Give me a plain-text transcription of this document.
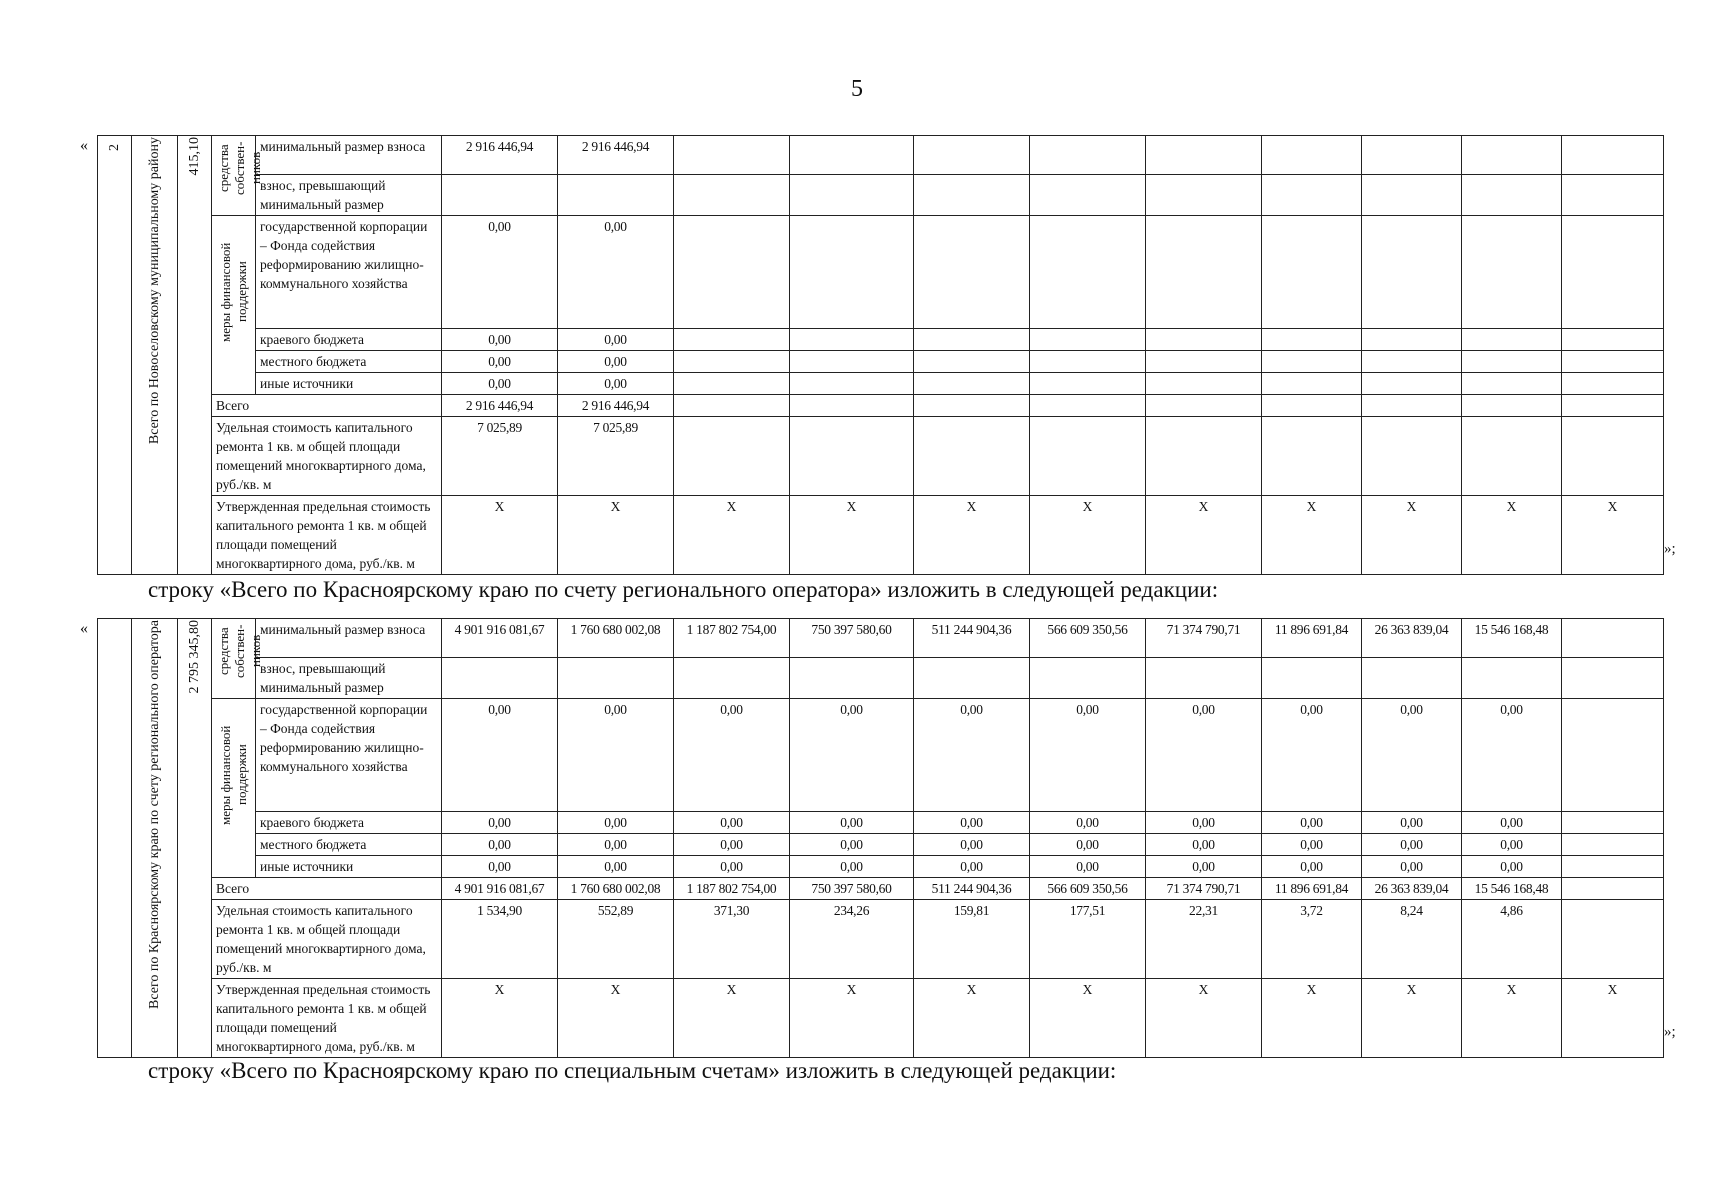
5
« 2	Всего по Новоселовскому муниципальному району	415,10	средства собствен-ников	минимальный размер взноса	2 916 446,94	2 916 446,94									
				взнос, превышающий минимальный размер											
			меры финансовой поддержки	государственной корпорации – Фонда содействия реформированию жилищно-коммунального хозяйства	0,00	0,00									
				краевого бюджета	0,00	0,00									
				местного бюджета	0,00	0,00									
				иные источники	0,00	0,00									
			Всего		2 916 446,94	2 916 446,94									
			Удельная стоимость капитального ремонта 1 кв. м общей площади помещений многоквартирного дома, руб./кв. м		7 025,89	7 025,89									
			Утвержденная предельная стоимость капитального ремонта 1 кв. м общей площади помещений многоквартирного дома, руб./кв. м		X	X	X	X	X	X	X	X	X	X	X
»;
строку «Всего по Красноярскому краю по счету регионального оператора» изложить в следующей редакции:
«
		Всего по Красноярскому краю по счету регионального оператора	2 795 345,80	средства собствен-ников	минимальный размер взноса	4 901 916 081,67	1 760 680 002,08	1 187 802 754,00	750 397 580,60	511 244 904,36	566 609 350,56	71 374 790,71	11 896 691,84	26 363 839,04	15 546 168,48	
				взнос, превышающий минимальный размер											
			меры финансовой поддержки	государственной корпорации – Фонда содействия реформированию жилищно-коммунального хозяйства	0,00	0,00	0,00	0,00	0,00	0,00	0,00	0,00	0,00	0,00	
				краевого бюджета	0,00	0,00	0,00	0,00	0,00	0,00	0,00	0,00	0,00	0,00	
				местного бюджета	0,00	0,00	0,00	0,00	0,00	0,00	0,00	0,00	0,00	0,00	
				иные источники	0,00	0,00	0,00	0,00	0,00	0,00	0,00	0,00	0,00	0,00	
			Всего		4 901 916 081,67	1 760 680 002,08	1 187 802 754,00	750 397 580,60	511 244 904,36	566 609 350,56	71 374 790,71	11 896 691,84	26 363 839,04	15 546 168,48	
			Удельная стоимость капитального ремонта 1 кв. м общей площади помещений многоквартирного дома, руб./кв. м		1 534,90	552,89	371,30	234,26	159,81	177,51	22,31	3,72	8,24	4,86	
			Утвержденная предельная стоимость капитального ремонта 1 кв. м общей площади помещений многоквартирного дома, руб./кв. м		X	X	X	X	X	X	X	X	X	X	X
»;
строку «Всего по Красноярскому краю по специальным счетам» изложить в следующей редакции:
